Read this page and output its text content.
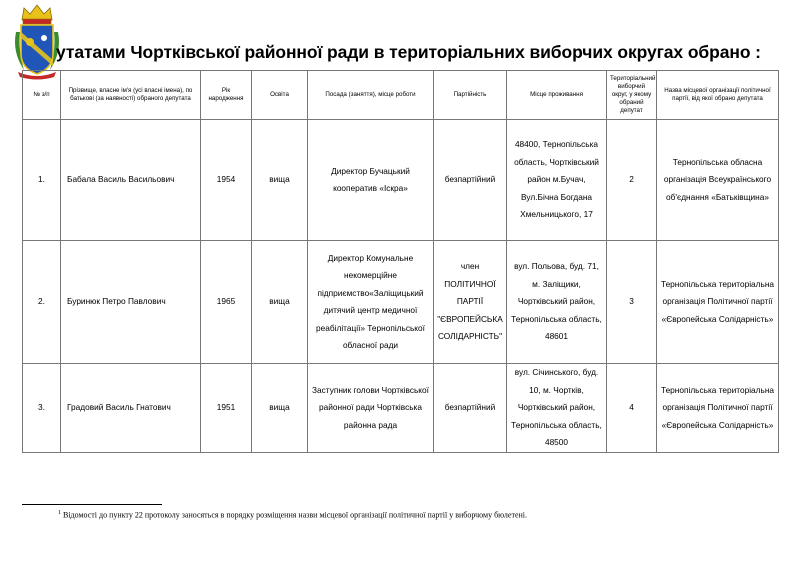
утатами Чортківської районної ради в територіальних виборчих округах обрано :
№ з/п	Прізвище, власне ім'я (усі власні імена), по батькові (за наявності) обраного депутата	Рік народження	Освіта	Посада (заняття), місце роботи	Партійність	Місце проживання	Територіальний виборчий округ, у якому обраний депутат	Назва місцевої організації політичної партії, від якої обрано депутата
1.	Бабала Василь Васильович	1954	вища	Директор Бучацький кооператив «Іскра»	безпартійний	48400, Тернопільська область, Чортківський район м.Бучач, Вул.Бічна Богдана Хмельницького, 17	2	Тернопільська обласна організація Всеукраїнського об'єднання «Батьківщина»
2.	Буринюк Петро Павлович	1965	вища	Директор Комунальне некомерційне підприємство«Заліщицький дитячий центр медичної реабілітації» Тернопільської обласної ради	член ПОЛІТИЧНОЇ ПАРТІЇ "ЄВРОПЕЙСЬКА СОЛІДАРНІСТЬ"	вул. Польова, буд. 71, м. Заліщики, Чортківський район, Тернопільська область, 48601	3	Тернопільська територіальна організація Політичної партії «Європейська Солідарність»
3.	Градовий Василь Гнатович	1951	вища	Заступник голови Чортківської районної ради Чортківська районна рада	безпартійний	вул. Січинського, буд. 10, м. Чортків, Чортківський район, Тернопільська область, 48500	4	Тернопільська територіальна організація Політичної партії «Європейська Солідарність»
$^1$ Відомості до пункту 22 протоколу заносяться в порядку розміщення назви місцевої організації політичної партії у виборчому бюлетені.
